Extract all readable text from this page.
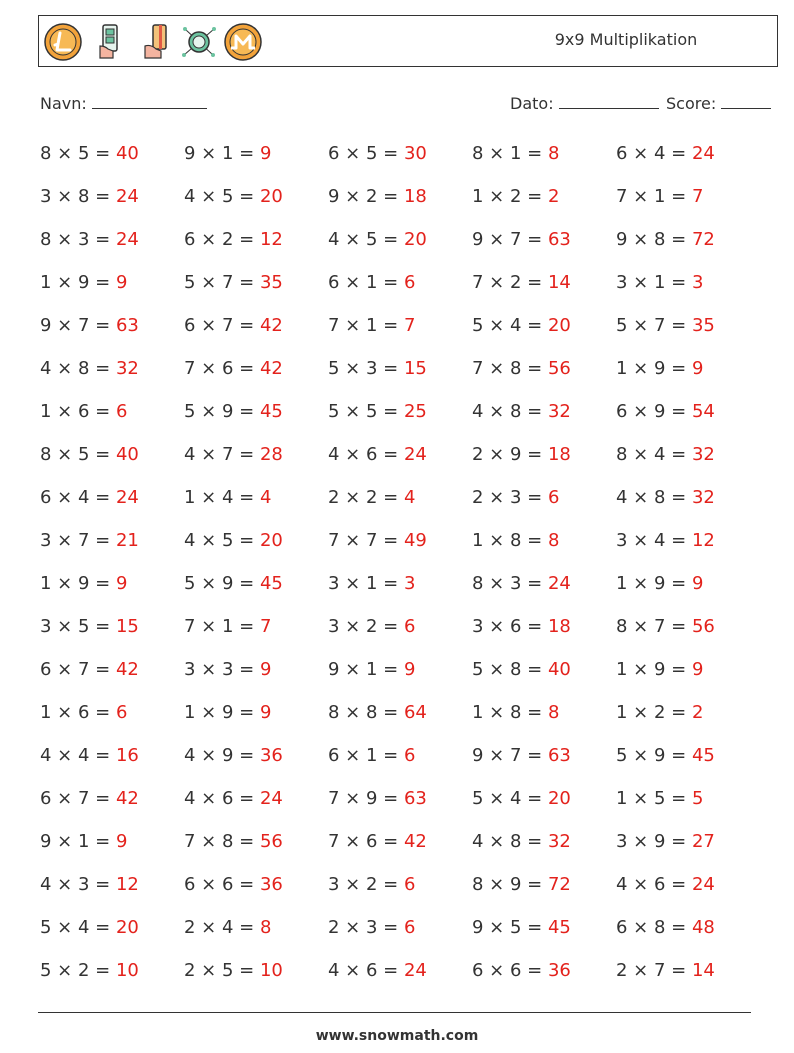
9x9 Multiplikation
Navn:	Dato:	Score:
8 × 5 = 40	9 × 1 = 9	6 × 5 = 30	8 × 1 = 8	6 × 4 = 24
3 × 8 = 24	4 × 5 = 20	9 × 2 = 18	1 × 2 = 2	7 × 1 = 7
8 × 3 = 24	6 × 2 = 12	4 × 5 = 20	9 × 7 = 63	9 × 8 = 72
1 × 9 = 9	5 × 7 = 35	6 × 1 = 6	7 × 2 = 14	3 × 1 = 3
9 × 7 = 63	6 × 7 = 42	7 × 1 = 7	5 × 4 = 20	5 × 7 = 35
4 × 8 = 32	7 × 6 = 42	5 × 3 = 15	7 × 8 = 56	1 × 9 = 9
1 × 6 = 6	5 × 9 = 45	5 × 5 = 25	4 × 8 = 32	6 × 9 = 54
8 × 5 = 40	4 × 7 = 28	4 × 6 = 24	2 × 9 = 18	8 × 4 = 32
6 × 4 = 24	1 × 4 = 4	2 × 2 = 4	2 × 3 = 6	4 × 8 = 32
3 × 7 = 21	4 × 5 = 20	7 × 7 = 49	1 × 8 = 8	3 × 4 = 12
1 × 9 = 9	5 × 9 = 45	3 × 1 = 3	8 × 3 = 24	1 × 9 = 9
3 × 5 = 15	7 × 1 = 7	3 × 2 = 6	3 × 6 = 18	8 × 7 = 56
6 × 7 = 42	3 × 3 = 9	9 × 1 = 9	5 × 8 = 40	1 × 9 = 9
1 × 6 = 6	1 × 9 = 9	8 × 8 = 64	1 × 8 = 8	1 × 2 = 2
4 × 4 = 16	4 × 9 = 36	6 × 1 = 6	9 × 7 = 63	5 × 9 = 45
6 × 7 = 42	4 × 6 = 24	7 × 9 = 63	5 × 4 = 20	1 × 5 = 5
9 × 1 = 9	7 × 8 = 56	7 × 6 = 42	4 × 8 = 32	3 × 9 = 27
4 × 3 = 12	6 × 6 = 36	3 × 2 = 6	8 × 9 = 72	4 × 6 = 24
5 × 4 = 20	2 × 4 = 8	2 × 3 = 6	9 × 5 = 45	6 × 8 = 48
5 × 2 = 10	2 × 5 = 10	4 × 6 = 24	6 × 6 = 36	2 × 7 = 14
www.snowmath.com
